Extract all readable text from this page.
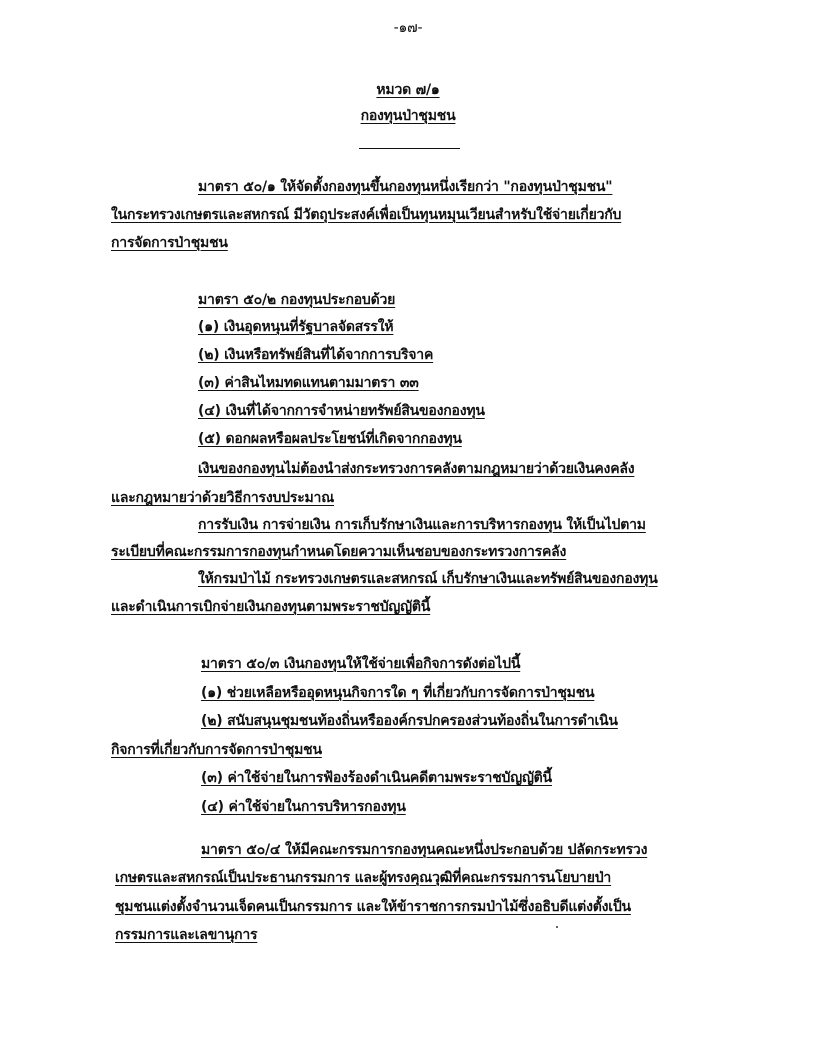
-๑๗-
หมวด ๗/๑
กองทุนป่าชุมชน
มาตรา ๕๐/๑ ให้จัดตั้งกองทุนขึ้นกองทุนหนึ่งเรียกว่า "กองทุนป่าชุมชน"
ในกระทรวงเกษตรและสหกรณ์ มีวัตถุประสงค์เพื่อเป็นทุนหมุนเวียนสำหรับใช้จ่ายเกี่ยวกับ
การจัดการป่าชุมชน
มาตรา ๕๐/๒ กองทุนประกอบด้วย
(๑) เงินอุดหนุนที่รัฐบาลจัดสรรให้
(๒) เงินหรือทรัพย์สินที่ได้จากการบริจาค
(๓) ค่าสินไหมทดแทนตามมาตรา ๓๓
(๔) เงินที่ได้จากการจำหน่ายทรัพย์สินของกองทุน
(๕) ดอกผลหรือผลประโยชน์ที่เกิดจากกองทุน
เงินของกองทุนไม่ต้องนำส่งกระทรวงการคลังตามกฎหมายว่าด้วยเงินคงคลัง
และกฎหมายว่าด้วยวิธีการงบประมาณ
การรับเงิน การจ่ายเงิน การเก็บรักษาเงินและการบริหารกองทุน ให้เป็นไปตาม
ระเบียบที่คณะกรรมการกองทุนกำหนดโดยความเห็นชอบของกระทรวงการคลัง
ให้กรมป่าไม้ กระทรวงเกษตรและสหกรณ์ เก็บรักษาเงินและทรัพย์สินของกองทุน
และดำเนินการเบิกจ่ายเงินกองทุนตามพระราชบัญญัตินี้
มาตรา ๕๐/๓ เงินกองทุนให้ใช้จ่ายเพื่อกิจการดังต่อไปนี้
(๑) ช่วยเหลือหรืออุดหนุนกิจการใด ๆ ที่เกี่ยวกับการจัดการป่าชุมชน
(๒) สนับสนุนชุมชนท้องถิ่นหรือองค์กรปกครองส่วนท้องถิ่นในการดำเนิน
กิจการที่เกี่ยวกับการจัดการป่าชุมชน
(๓) ค่าใช้จ่ายในการฟ้องร้องดำเนินคดีตามพระราชบัญญัตินี้
(๔) ค่าใช้จ่ายในการบริหารกองทุน
มาตรา ๕๐/๔ ให้มีคณะกรรมการกองทุนคณะหนึ่งประกอบด้วย ปลัดกระทรวง
เกษตรและสหกรณ์เป็นประธานกรรมการ และผู้ทรงคุณวุฒิที่คณะกรรมการนโยบายป่า
ชุมชนแต่งตั้งจำนวนเจ็ดคนเป็นกรรมการ และให้ข้าราชการกรมป่าไม้ซึ่งอธิบดีแต่งตั้งเป็น
กรรมการและเลขานุการ
